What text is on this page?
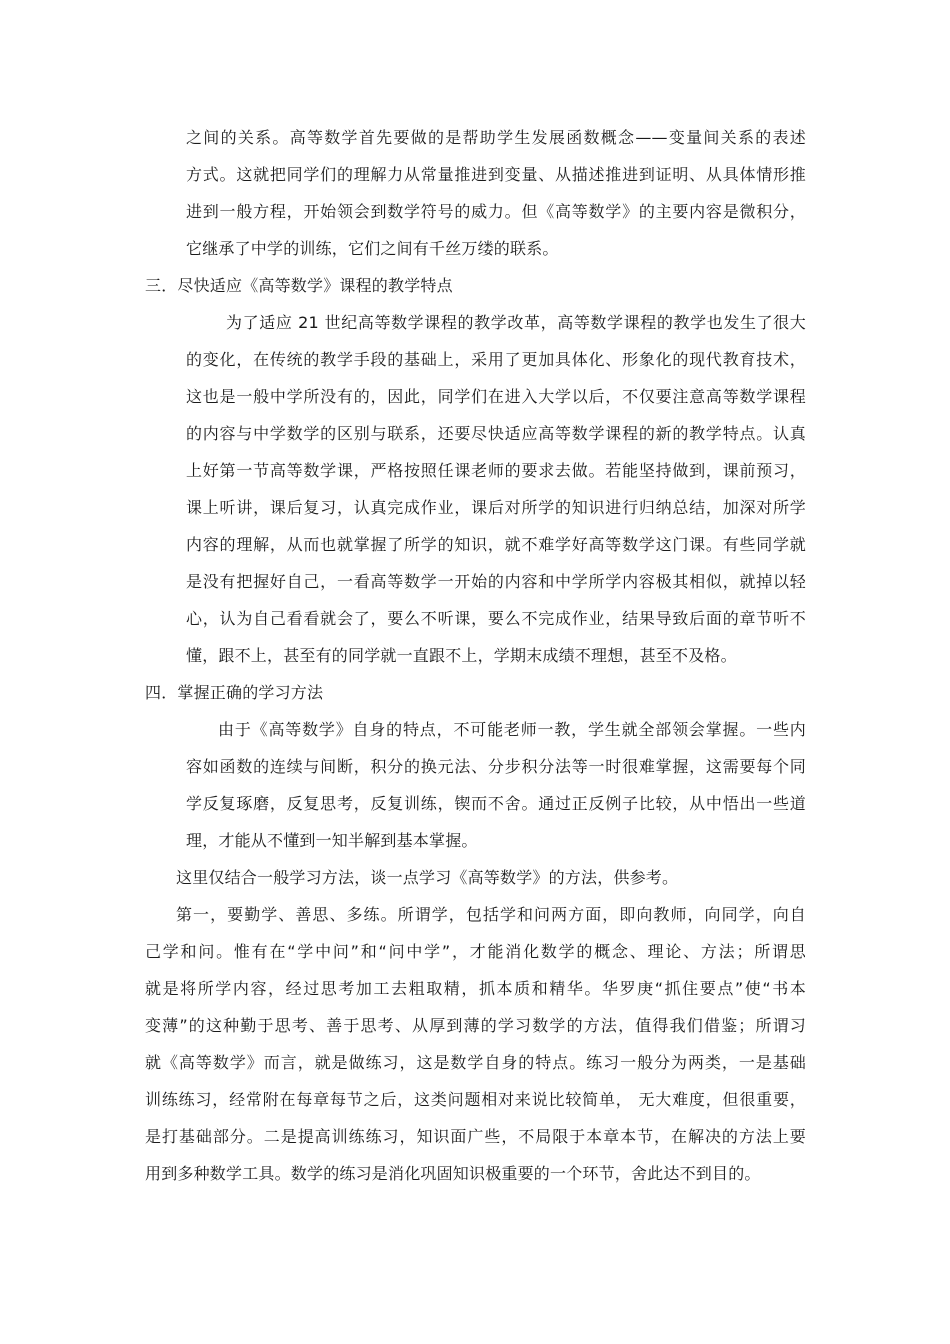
之间的关系。高等数学首先要做的是帮助学生发展函数概念——变量间关系的表述
方式。这就把同学们的理解力从常量推进到变量、从描述推进到证明、从具体情形推
进到一般方程，开始领会到数学符号的威力。但《高等数学》的主要内容是微积分，
它继承了中学的训练，它们之间有千丝万缕的联系。
三．尽快适应《高等数学》课程的教学特点
为了适应 21 世纪高等数学课程的教学改革，高等数学课程的教学也发生了很大
的变化，在传统的教学手段的基础上，采用了更加具体化、形象化的现代教育技术，
这也是一般中学所没有的，因此，同学们在进入大学以后，不仅要注意高等数学课程
的内容与中学数学的区别与联系，还要尽快适应高等数学课程的新的教学特点。认真
上好第一节高等数学课，严格按照任课老师的要求去做。若能坚持做到，课前预习，
课上听讲，课后复习，认真完成作业，课后对所学的知识进行归纳总结，加深对所学
内容的理解，从而也就掌握了所学的知识，就不难学好高等数学这门课。有些同学就
是没有把握好自己，一看高等数学一开始的内容和中学所学内容极其相似，就掉以轻
心，认为自己看看就会了，要么不听课，要么不完成作业，结果导致后面的章节听不
懂，跟不上，甚至有的同学就一直跟不上，学期末成绩不理想，甚至不及格。
四．掌握正确的学习方法
由于《高等数学》自身的特点，不可能老师一教，学生就全部领会掌握。一些内
容如函数的连续与间断，积分的换元法、分步积分法等一时很难掌握，这需要每个同
学反复琢磨，反复思考，反复训练，锲而不舍。通过正反例子比较，从中悟出一些道
理，才能从不懂到一知半解到基本掌握。
这里仅结合一般学习方法，谈一点学习《高等数学》的方法，供参考。
第一，要勤学、善思、多练。所谓学，包括学和问两方面，即向教师，向同学，向自
己学和问。惟有在“学中问”和“问中学”，才能消化数学的概念、理论、方法；所谓思
就是将所学内容，经过思考加工去粗取精，抓本质和精华。华罗庚“抓住要点”使“书本
变薄”的这种勤于思考、善于思考、从厚到薄的学习数学的方法，值得我们借鉴；所谓习
就《高等数学》而言，就是做练习，这是数学自身的特点。练习一般分为两类，一是基础
训练练习，经常附在每章每节之后，这类问题相对来说比较简单， 无大难度，但很重要，
是打基础部分。二是提高训练练习，知识面广些，不局限于本章本节，在解决的方法上要
用到多种数学工具。数学的练习是消化巩固知识极重要的一个环节，舍此达不到目的。
